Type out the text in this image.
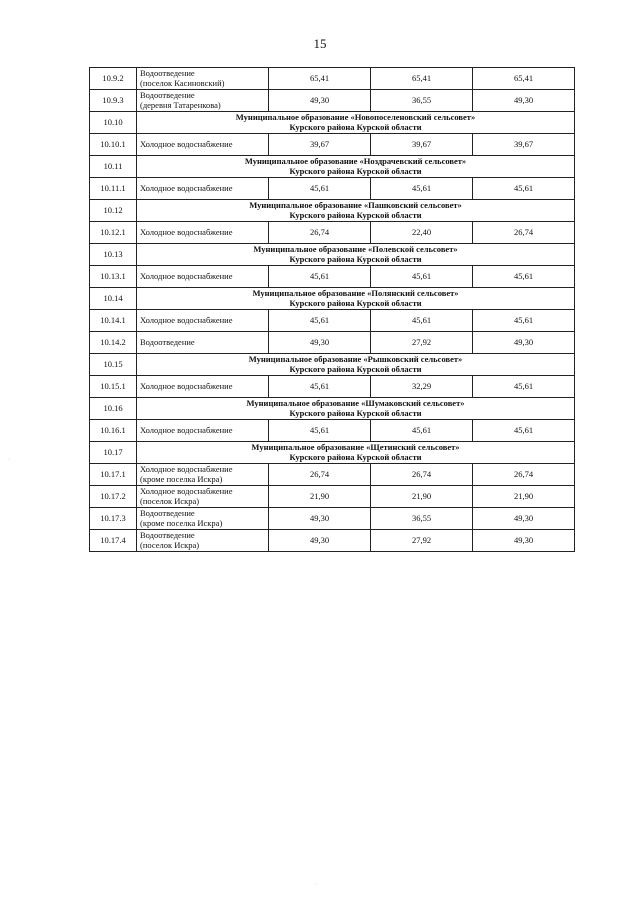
15
10.9.2	Водоотведение
(поселок Касиновский)	65,41	65,41	65,41
10.9.3	Водоотведение
(деревня Татаренкова)	49,30	36,55	49,30
10.10	Муниципальное образование «Новопоселеновский сельсовет»
Курского района Курской области			

10.10.1	Холодное водоснабжение	39,67	39,67	39,67
10.11	Муниципальное образование «Ноздрачевский сельсовет»
Курского района Курской области			

10.11.1	Холодное водоснабжение	45,61	45,61	45,61
10.12	Муниципальное образование «Пашковский сельсовет»
Курского района Курской области			

10.12.1	Холодное водоснабжение	26,74	22,40	26,74
10.13	Муниципальное образование «Полевской сельсовет»
Курского района Курской области			

10.13.1	Холодное водоснабжение	45,61	45,61	45,61
10.14	Муниципальное образование «Полянский сельсовет»
Курского района Курской области			

10.14.1	Холодное водоснабжение	45,61	45,61	45,61
10.14.2	Водоотведение	49,30	27,92	49,30
10.15	Муниципальное образование «Рышковский сельсовет»
Курского района Курской области			

10.15.1	Холодное водоснабжение	45,61	32,29	45,61
10.16	Муниципальное образование «Шумаковский сельсовет»
Курского района Курской области			

10.16.1	Холодное водоснабжение	45,61	45,61	45,61
10.17	Муниципальное образование «Щетинский сельсовет»
Курского района Курской области			

10.17.1	Холодное водоснабжение
(кроме поселка Искра)	26,74	26,74	26,74
10.17.2	Холодное водоснабжение
(поселок Искра)	21,90	21,90	21,90
10.17.3	Водоотведение
(кроме поселка Искра)	49,30	36,55	49,30
10.17.4	Водоотведение
(поселок Искра)	49,30	27,92	49,30
·
·
